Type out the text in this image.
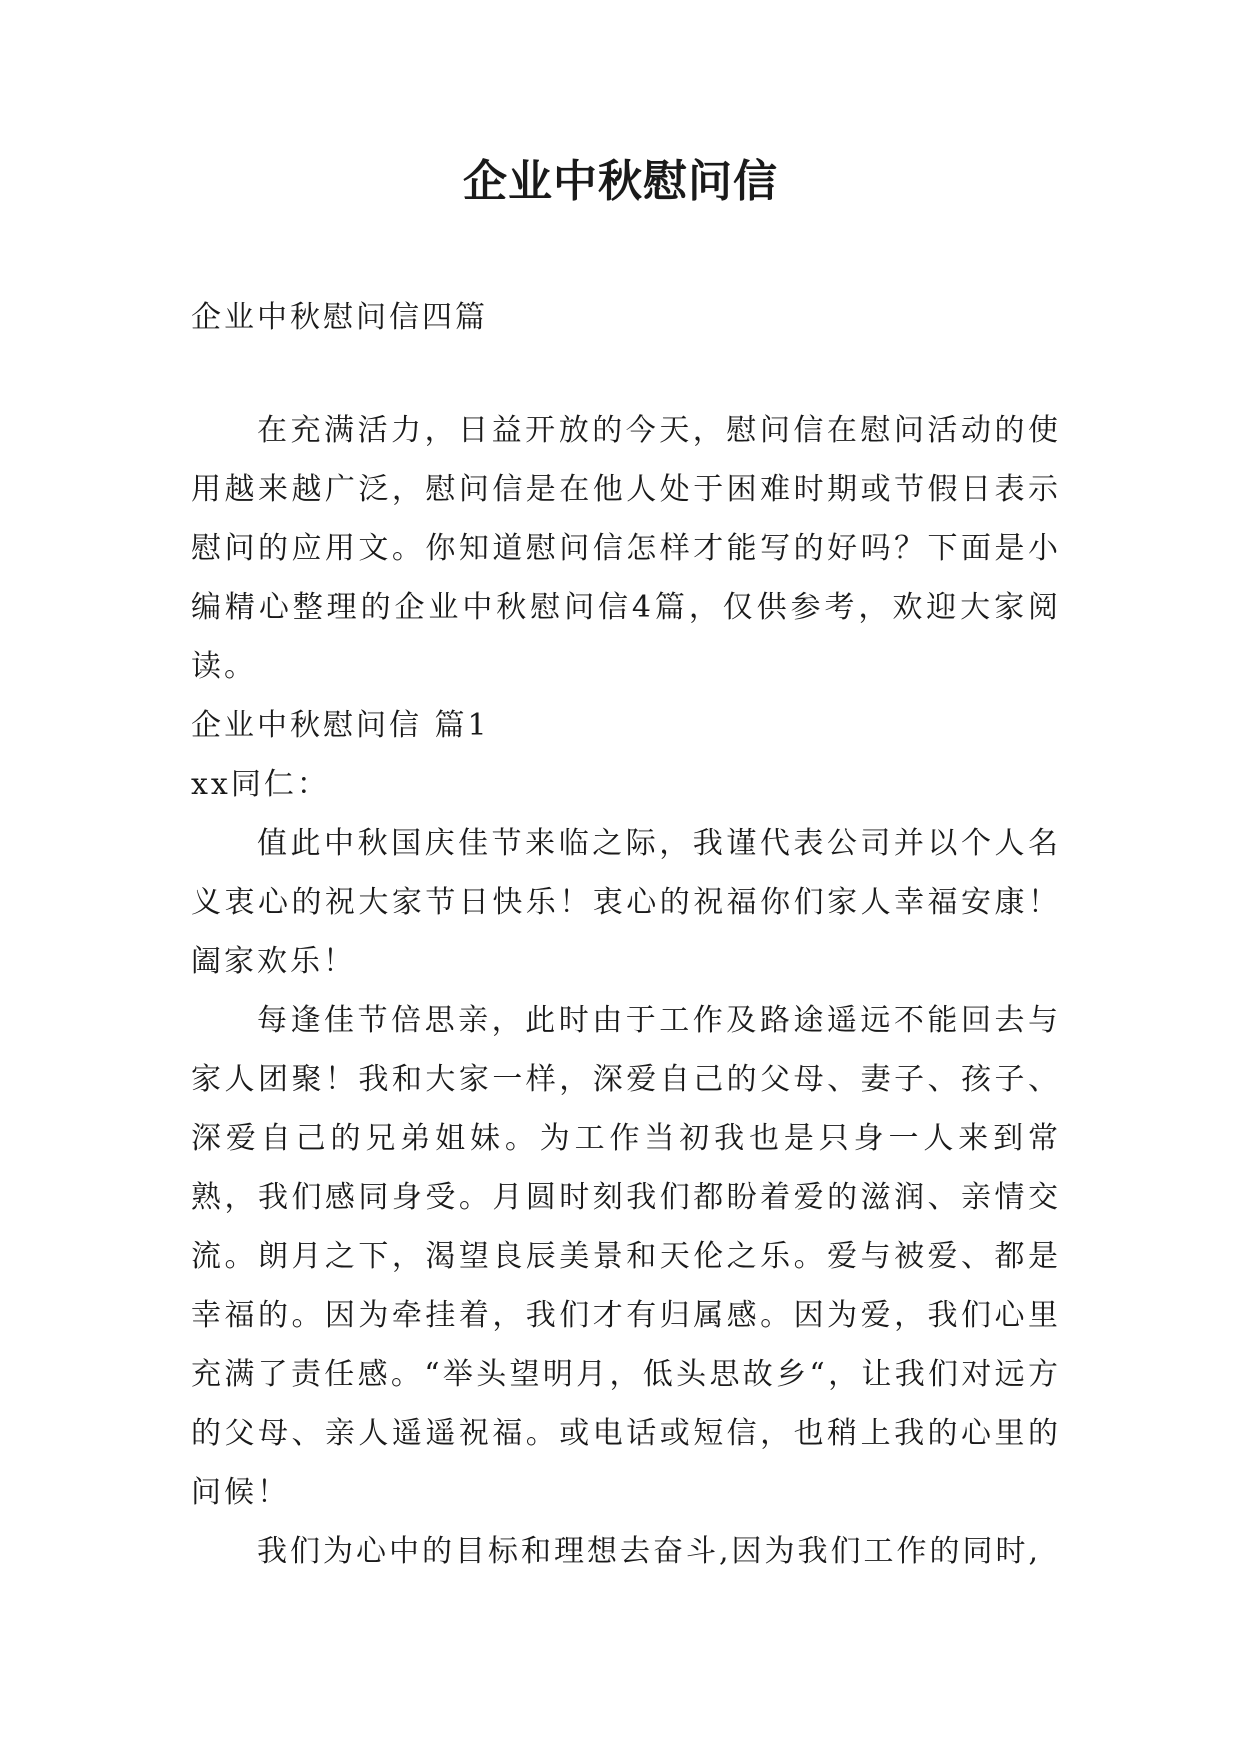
企业中秋慰问信
企业中秋慰问信四篇

在充满活力，日益开放的今天，慰问信在慰问活动的使用越来越广泛，慰问信是在他人处于困难时期或节假日表示慰问的应用文。你知道慰问信怎样才能写的好吗？下面是小编精心整理的企业中秋慰问信4篇，仅供参考，欢迎大家阅读。

企业中秋慰问信 篇1

xx同仁：

值此中秋国庆佳节来临之际，我谨代表公司并以个人名义衷心的祝大家节日快乐！衷心的祝福你们家人幸福安康！阖家欢乐！

每逢佳节倍思亲，此时由于工作及路途遥远不能回去与家人团聚！我和大家一样，深爱自己的父母、妻子、孩子、深爱自己的兄弟姐妹。为工作当初我也是只身一人来到常熟，我们感同身受。月圆时刻我们都盼着爱的滋润、亲情交流。朗月之下，渴望良辰美景和天伦之乐。爱与被爱、都是幸福的。因为牵挂着，我们才有归属感。因为爱，我们心里充满了责任感。“举头望明月，低头思故乡“，让我们对远方的父母、亲人遥遥祝福。或电话或短信，也稍上我的心里的问候！

我们为心中的目标和理想去奋斗,因为我们工作的同时,
